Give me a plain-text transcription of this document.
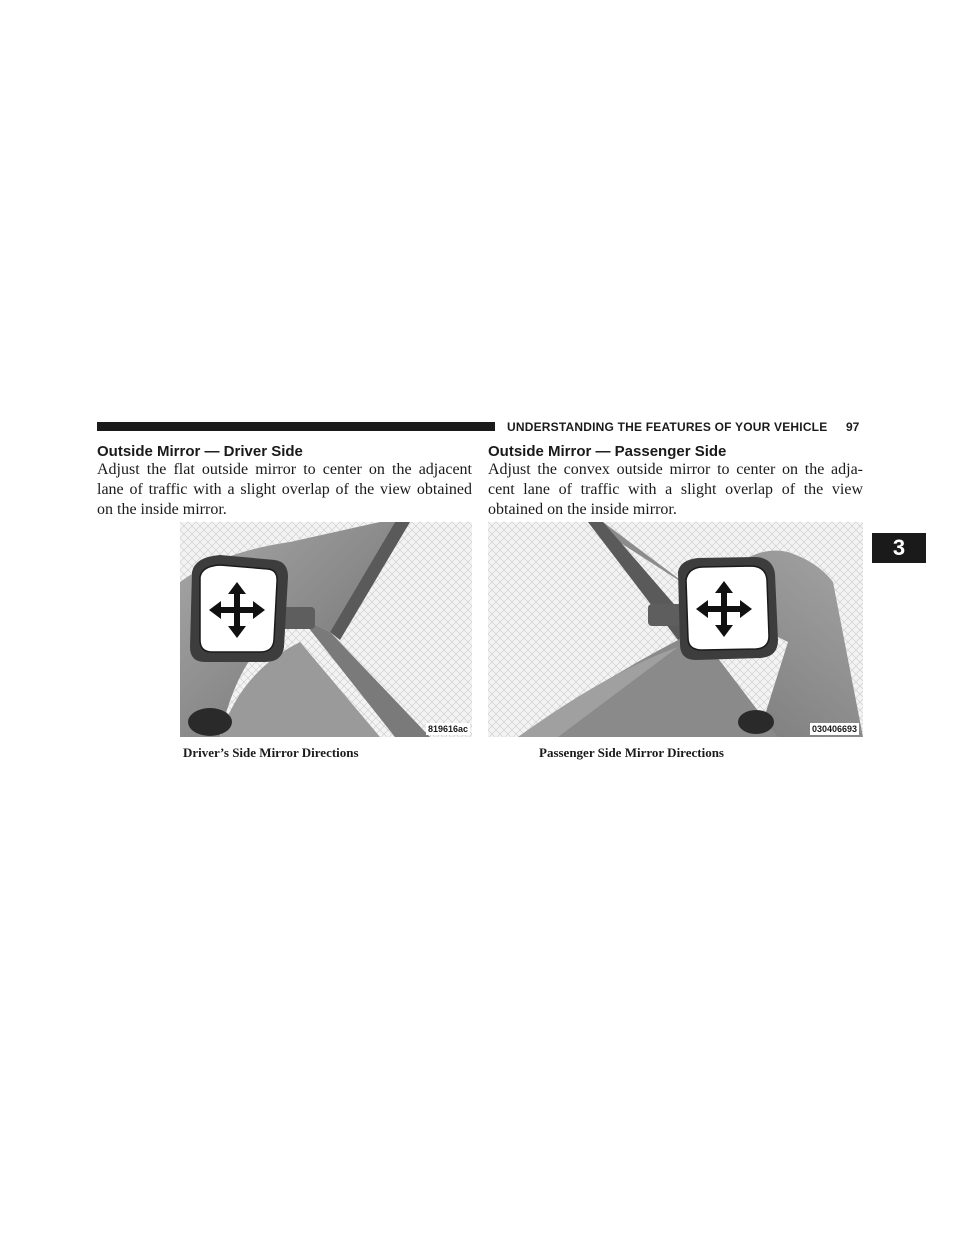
UNDERSTANDING THE FEATURES OF YOUR VEHICLE	97
Outside Mirror — Driver Side
Adjust the flat outside mirror to center on the adjacent lane of traffic with a slight overlap of the view obtained on the inside mirror.
Outside Mirror — Passenger Side
Adjust the convex outside mirror to center on the adja-cent lane of traffic with a slight overlap of the view obtained on the inside mirror.
819616ac
Driver’s Side Mirror Directions
030406693
Passenger Side Mirror Directions
3
